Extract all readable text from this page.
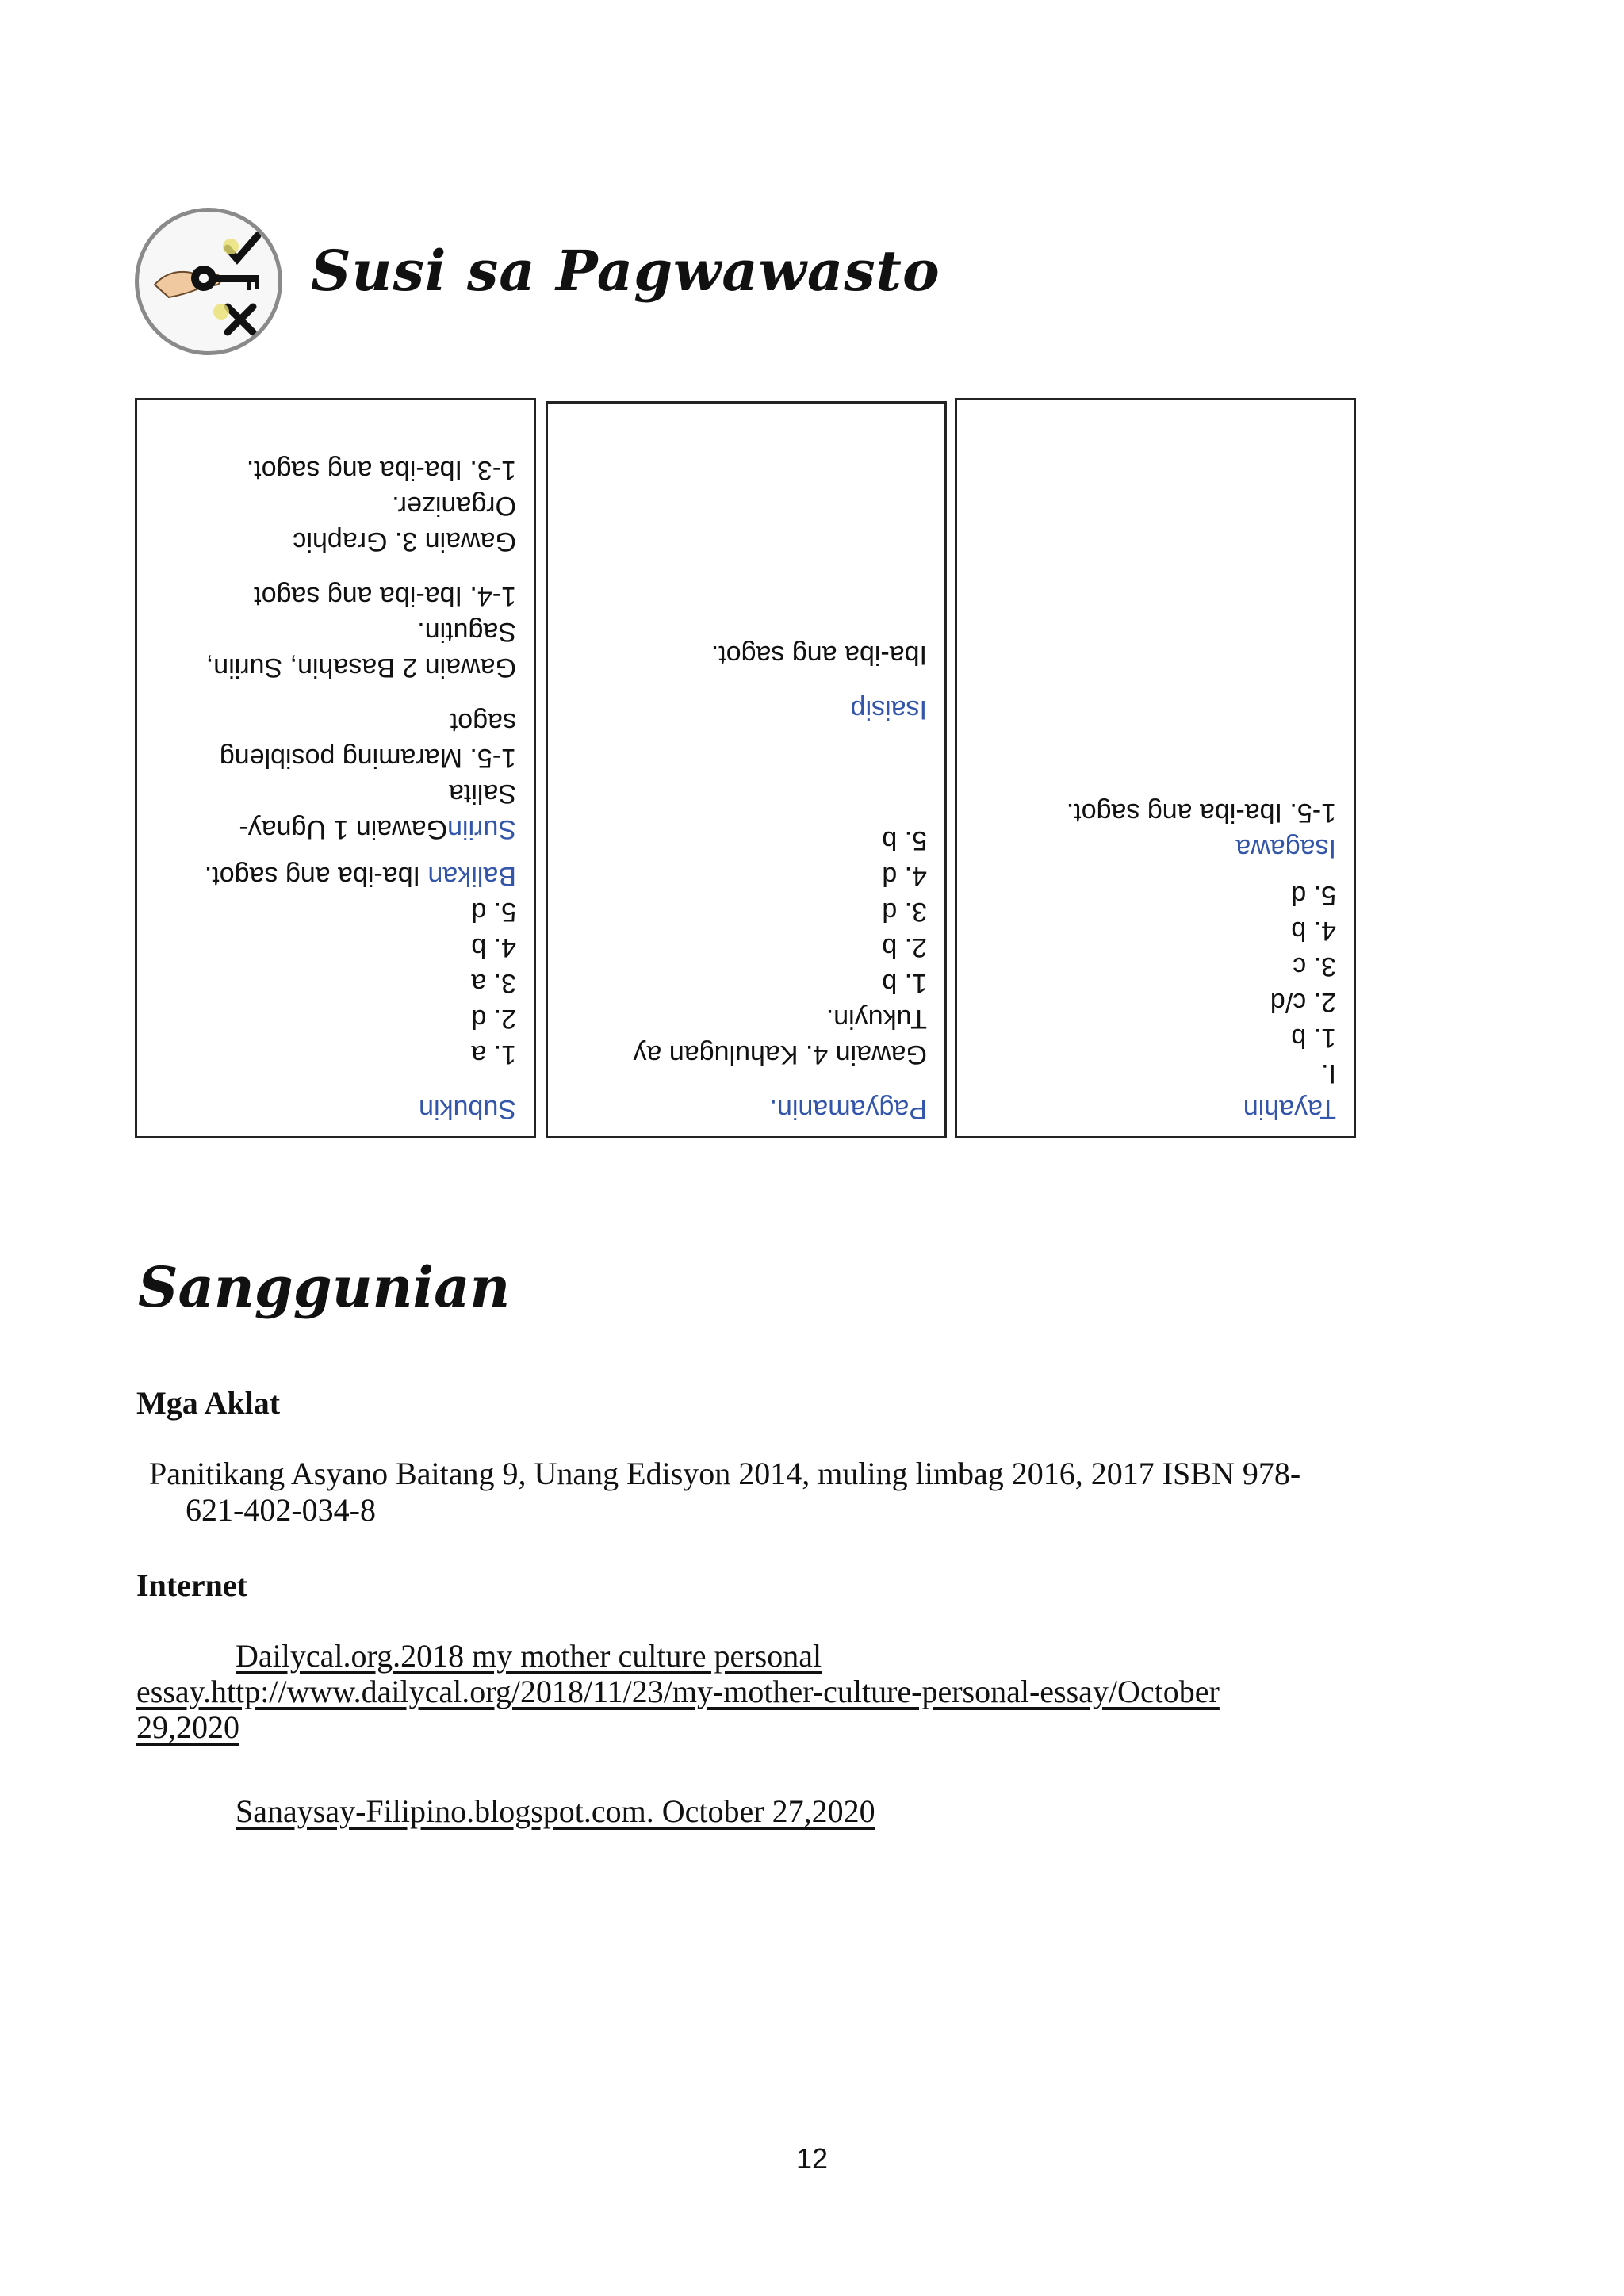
Susi sa Pagwawasto
Subukin
1. a
2. d
3. a
4. b
5. d
Balikan Iba-iba ang sagot.
SuriinGawain 1 Ugnay-
Salita
1-5. Maraming posibleng
sagot
Gawain 2 Basahin, Suriin,
Sagutin.
1-4. Iba-iba ang sagot
Gawain 3. Graphic
Organizer.
1-3. Iba-iba ang sagot.
Pagyamanin.
Gawain 4. Kahulugan ay
Tukuyin.
1. b
2. b
3. d
4. d
5. b
Isaisip
Iba-iba ang sagot.
Tayahin
I.
1. b
2. c/d
3. c
4. b
5. d
Isagawa
1-5. Iba-iba ang sagot.
Sanggunian
Mga Aklat
Panitikang Asyano Baitang 9, Unang Edisyon 2014, muling limbag 2016, 2017 ISBN 978-
621-402-034-8
Internet
Dailycal.org.2018 my mother culture personal
essay.http://www.dailycal.org/2018/11/23/my-mother-culture-personal-essay/October
29,2020
Sanaysay-Filipino.blogspot.com. October 27,2020
12
